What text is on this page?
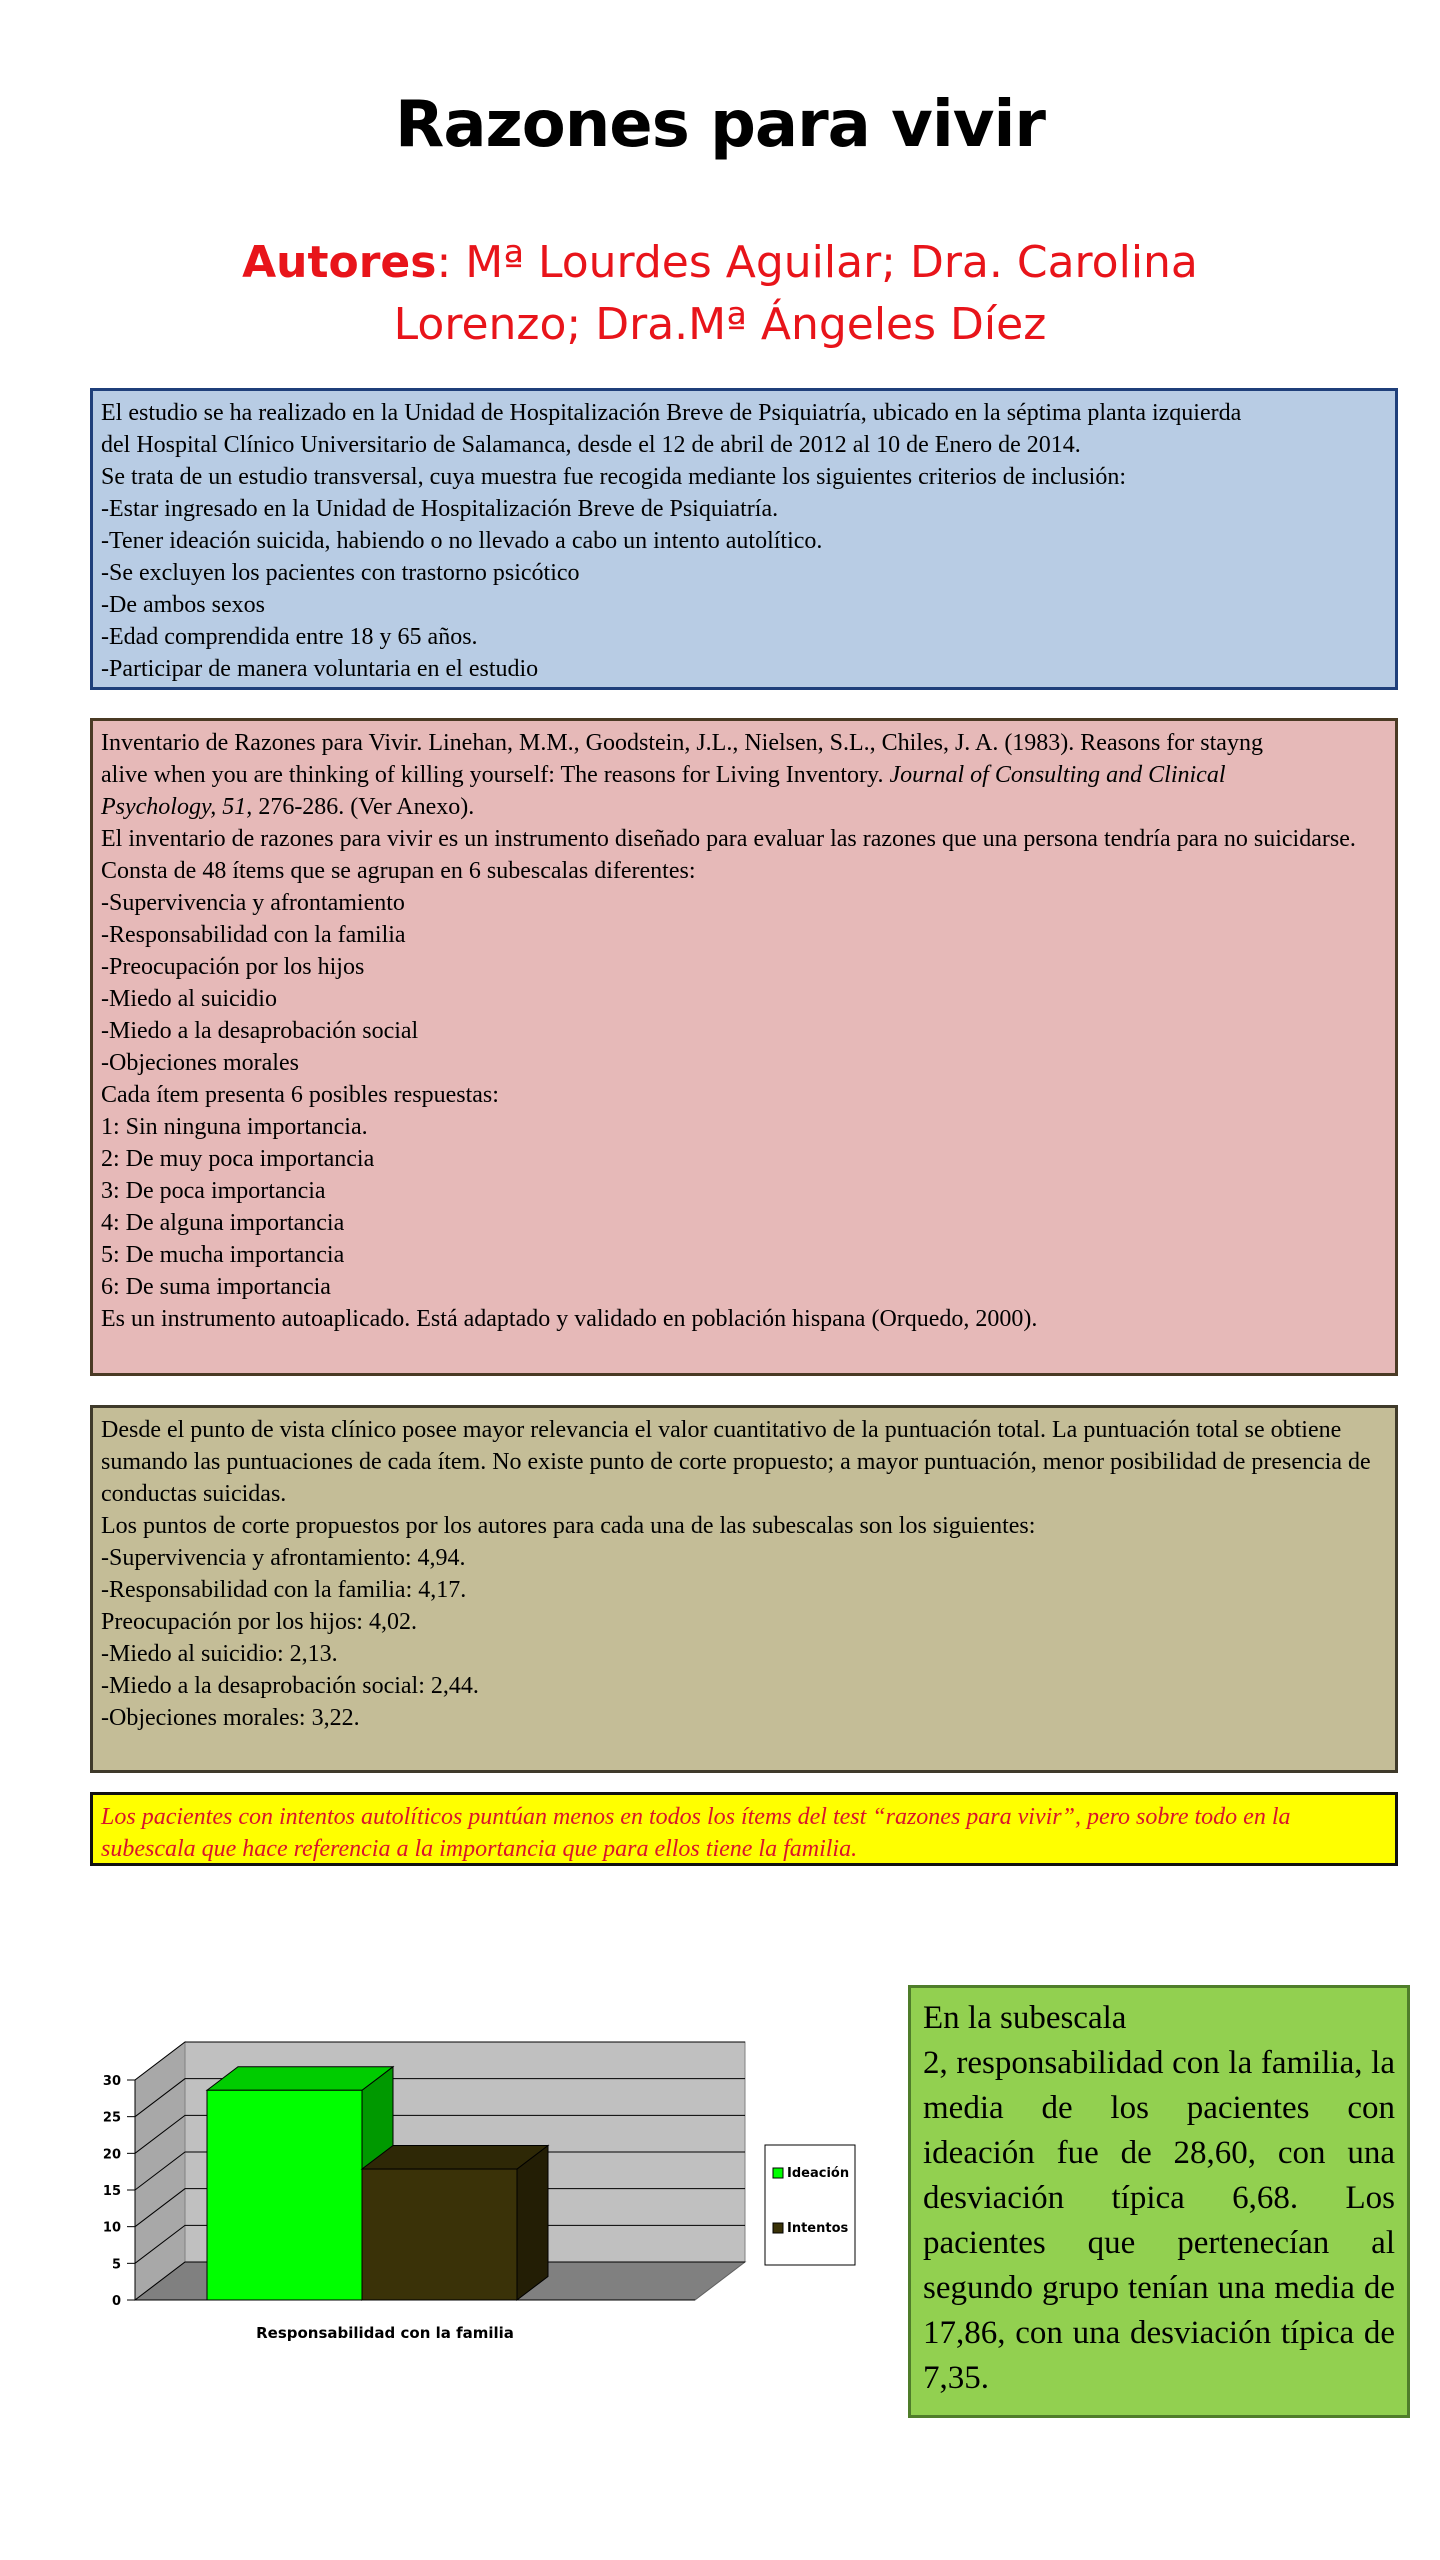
Razones para vivir
Autores: Mª Lourdes Aguilar; Dra. Carolina
Lorenzo; Dra.Mª Ángeles Díez
El estudio se ha realizado en la Unidad de Hospitalización Breve de Psiquiatría, ubicado en la séptima planta izquierda
del Hospital Clínico Universitario de Salamanca, desde el 12 de abril de 2012 al 10 de Enero de 2014.
Se trata de un estudio transversal, cuya muestra fue recogida mediante los siguientes criterios de inclusión:
-Estar ingresado en la Unidad de Hospitalización Breve de Psiquiatría.
-Tener ideación suicida, habiendo o no llevado a cabo un intento autolítico.
-Se excluyen los pacientes con trastorno psicótico
-De ambos sexos
-Edad comprendida entre 18 y 65 años.
-Participar de manera voluntaria en el estudio
Inventario de Razones para Vivir. Linehan, M.M., Goodstein, J.L., Nielsen, S.L., Chiles, J. A. (1983). Reasons for stayng
alive when you are thinking of killing yourself: The reasons for Living Inventory. Journal of Consulting and Clinical
Psychology, 51, 276-286. (Ver Anexo).
El inventario de razones para vivir es un instrumento diseñado para evaluar las razones que una persona tendría para no suicidarse.
Consta de 48 ítems que se agrupan en 6 subescalas diferentes:
-Supervivencia y afrontamiento
-Responsabilidad con la familia
-Preocupación por los hijos
-Miedo al suicidio
-Miedo a la desaprobación social
-Objeciones morales
Cada ítem presenta 6 posibles respuestas:
1: Sin ninguna importancia.
2: De muy poca importancia
3: De poca importancia
4: De alguna importancia
5: De mucha importancia
6: De suma importancia
Es un instrumento autoaplicado. Está adaptado y validado en población hispana (Orquedo, 2000).
Desde el punto de vista clínico posee mayor relevancia el valor cuantitativo de la puntuación total. La puntuación total se obtiene sumando las puntuaciones de cada ítem. No existe punto de corte propuesto; a mayor puntuación, menor posibilidad de presencia de conductas suicidas.
Los puntos de corte propuestos por los autores para cada una de las subescalas son los siguientes:
-Supervivencia y afrontamiento: 4,94.
-Responsabilidad con la familia: 4,17.
Preocupación por los hijos: 4,02.
-Miedo al suicidio: 2,13.
-Miedo a la desaprobación social: 2,44.
-Objeciones morales: 3,22.
Los pacientes con intentos autolíticos puntúan menos en todos los ítems del test “razones para vivir”, pero sobre todo en la subescala que hace referencia a la importancia que para ellos tiene la familia.
0
5
10
15
20
25
30
Responsabilidad con la familia
Ideación
Intentos
En la subescala
2, responsabilidad con la familia, la media de los pacientes con ideación fue de 28,60, con una desviación típica 6,68. Los pacientes que pertenecían al segundo grupo tenían una media de 17,86, con una desviación típica de 7,35.
